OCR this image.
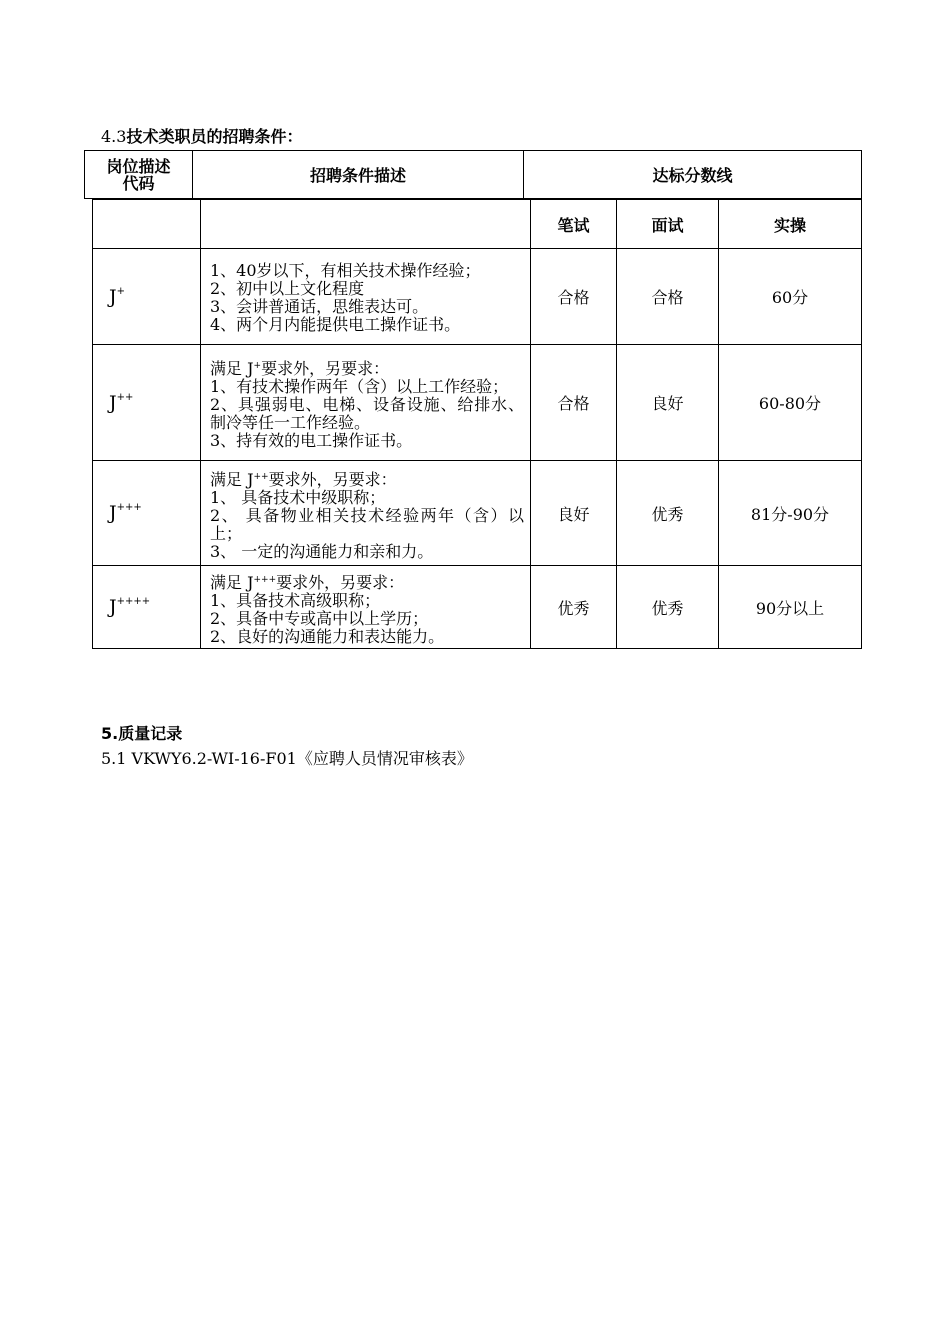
4.3技术类职员的招聘条件：
岗位描述
代码	招聘条件描述	达标分数线
		笔试	面试	实操
J+	1、40岁以下，有相关技术操作经验；
2、初中以上文化程度
3、会讲普通话，思维表达可。
4、两个月内能提供电工操作证书。	合格	合格	60分
J++	满足 J+要求外，另要求：
1、有技术操作两年（含）以上工作经验；
2、具强弱电、电梯、设备设施、给排水、制冷等任一工作经验。
3、持有效的电工操作证书。	合格	良好	60-80分
J+++	满足 J++要求外，另要求：
1、 具备技术中级职称；
2、 具备物业相关技术经验两年（含）以上；
3、 一定的沟通能力和亲和力。	良好	优秀	81分-90分
J++++	满足 J+++要求外，另要求：
1、具备技术高级职称；
2、具备中专或高中以上学历；
2、良好的沟通能力和表达能力。	优秀	优秀	90分以上
5.质量记录
5.1 VKWY6.2-WI-16-F01《应聘人员情况审核表》
